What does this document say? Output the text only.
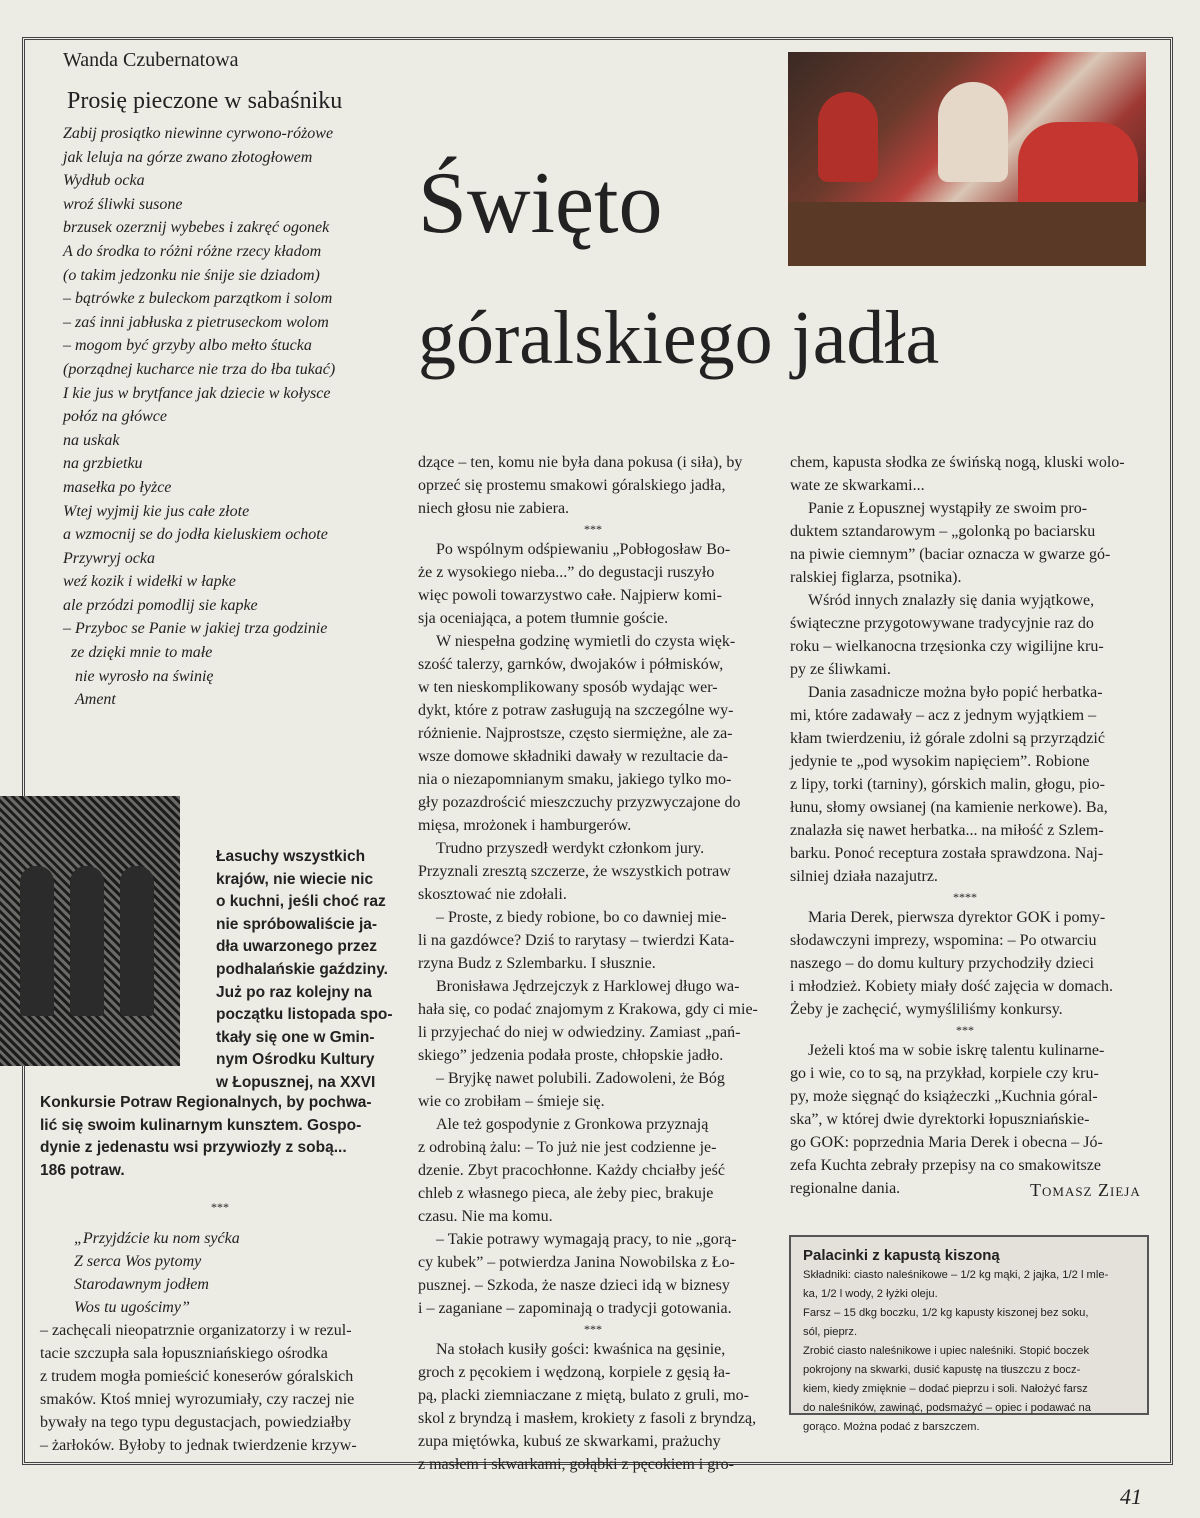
Wanda Czubernatowa
Prosię pieczone w sabaśniku
Zabij prosiątko niewinne cyrwono-różowe
jak leluja na górze zwano złotogłowem
Wydłub ocka
wroź śliwki susone
brzusek ozerznij wybebes i zakręć ogonek
A do środka to różni różne rzecy kładom
(o takim jedzonku nie śnije sie dziadom)
– bątrówke z buleckom parzątkom i solom
– zaś inni jabłuska z pietruseckom wolom
– mogom być grzyby albo mełto śtucka
(porządnej kucharce nie trza do łba tukać)
I kie jus w brytfance jak dziecie w kołysce
połóz na główce
na uskak
na grzbietku
masełka po łyżce
Wtej wyjmij kie jus całe złote
a wzmocnij se do jodła kieluskiem ochote
Przywryj ocka
weź kozik i widełki w łapke
ale przódzi pomodlij sie kapke
– Przyboc se Panie w jakiej trza godzinie
ze dzięki mnie to małe
nie wyrosło na świnię
Ament
Święto
góralskiego jadła
Łasuchy wszystkich
krajów, nie wiecie nic
o kuchni, jeśli choć raz
nie spróbowaliście ja-
dła uwarzonego przez
podhalańskie gaździny.
Już po raz kolejny na
początku listopada spo-
tkały się one w Gmin-
nym Ośrodku Kultury
w Łopusznej, na XXVI
Konkursie Potraw Regionalnych, by pochwa-
lić się swoim kulinarnym kunsztem. Gospo-
dynie z jedenastu wsi przywiozły z sobą...
186 potraw.
***
„Przyjdźcie ku nom syćka
Z serca Wos pytomy
Starodawnym jodłem
Wos tu ugościmy”
– zachęcali nieopatrznie organizatorzy i w rezul-
tacie szczupła sala łopuszniańskiego ośrodka
z trudem mogła pomieścić koneserów góralskich
smaków. Ktoś mniej wyrozumiały, czy raczej nie
bywały na tego typu degustacjach, powiedziałby
– żarłoków. Byłoby to jednak twierdzenie krzyw-
dzące – ten, komu nie była dana pokusa (i siła), by
oprzeć się prostemu smakowi góralskiego jadła,
niech głosu nie zabiera.
***
Po wspólnym odśpiewaniu „Pobłogosław Bo-
że z wysokiego nieba...” do degustacji ruszyło
więc powoli towarzystwo całe. Najpierw komi-
sja oceniająca, a potem tłumnie goście.
W niespełna godzinę wymietli do czysta więk-
szość talerzy, garnków, dwojaków i półmisków,
w ten nieskomplikowany sposób wydając wer-
dykt, które z potraw zasługują na szczególne wy-
różnienie. Najprostsze, często siermiężne, ale za-
wsze domowe składniki dawały w rezultacie da-
nia o niezapomnianym smaku, jakiego tylko mo-
gły pozazdrościć mieszczuchy przyzwyczajone do
mięsa, mrożonek i hamburgerów.
Trudno przyszedł werdykt członkom jury.
Przyznali zresztą szczerze, że wszystkich potraw
skosztować nie zdołali.
– Proste, z biedy robione, bo co dawniej mie-
li na gazdówce? Dziś to rarytasy – twierdzi Kata-
rzyna Budz z Szlembarku. I słusznie.
Bronisława Jędrzejczyk z Harklowej długo wa-
hała się, co podać znajomym z Krakowa, gdy ci mie-
li przyjechać do niej w odwiedziny. Zamiast „pań-
skiego” jedzenia podała proste, chłopskie jadło.
– Bryjkę nawet polubili. Zadowoleni, że Bóg
wie co zrobiłam – śmieje się.
Ale też gospodynie z Gronkowa przyznają
z odrobiną żalu: – To już nie jest codzienne je-
dzenie. Zbyt pracochłonne. Każdy chciałby jeść
chleb z własnego pieca, ale żeby piec, brakuje
czasu. Nie ma komu.
– Takie potrawy wymagają pracy, to nie „gorą-
cy kubek” – potwierdza Janina Nowobilska z Ło-
pusznej. – Szkoda, że nasze dzieci idą w biznesy
i – zaganiane – zapominają o tradycji gotowania.
***
Na stołach kusiły gości: kwaśnica na gęsinie,
groch z pęcokiem i wędzoną, korpiele z gęsią ła-
pą, placki ziemniaczane z miętą, bulato z gruli, mo-
skol z bryndzą i masłem, krokiety z fasoli z bryndzą,
zupa miętówka, kubuś ze skwarkami, prażuchy
z masłem i skwarkami, gołąbki z pęcokiem i gro-
chem, kapusta słodka ze świńską nogą, kluski wolo-
wate ze skwarkami...
Panie z Łopusznej wystąpiły ze swoim pro-
duktem sztandarowym – „golonką po baciarsku
na piwie ciemnym” (baciar oznacza w gwarze gó-
ralskiej figlarza, psotnika).
Wśród innych znalazły się dania wyjątkowe,
świąteczne przygotowywane tradycyjnie raz do
roku – wielkanocna trzęsionka czy wigilijne kru-
py ze śliwkami.
Dania zasadnicze można było popić herbatka-
mi, które zadawały – acz z jednym wyjątkiem –
kłam twierdzeniu, iż górale zdolni są przyrządzić
jedynie te „pod wysokim napięciem”. Robione
z lipy, torki (tarniny), górskich malin, głogu, pio-
łunu, słomy owsianej (na kamienie nerkowe). Ba,
znalazła się nawet herbatka... na miłość z Szlem-
barku. Ponoć receptura została sprawdzona. Naj-
silniej działa nazajutrz.
****
Maria Derek, pierwsza dyrektor GOK i pomy-
słodawczyni imprezy, wspomina: – Po otwarciu
naszego – do domu kultury przychodziły dzieci
i młodzież. Kobiety miały dość zajęcia w domach.
Żeby je zachęcić, wymyśliliśmy konkursy.
***
Jeżeli ktoś ma w sobie iskrę talentu kulinarne-
go i wie, co to są, na przykład, korpiele czy kru-
py, może sięgnąć do książeczki „Kuchnia góral-
ska”, w której dwie dyrektorki łopuszniańskie-
go GOK: poprzednia Maria Derek i obecna – Jó-
zefa Kuchta zebrały przepisy na co smakowitsze
regionalne dania.	Tomasz Zieja
Palacinki z kapustą kiszoną
Składniki: ciasto naleśnikowe – 1/2 kg mąki, 2 jajka, 1/2 l mle-
ka, 1/2 l wody, 2 łyżki oleju.
Farsz – 15 dkg boczku, 1/2 kg kapusty kiszonej bez soku,
sól, pieprz.
Zrobić ciasto naleśnikowe i upiec naleśniki. Stopić boczek
pokrojony na skwarki, dusić kapustę na tłuszczu z bocz-
kiem, kiedy zmięknie – dodać pieprzu i soli. Nałożyć farsz
do naleśników, zawinąć, podsmażyć – opiec i podawać na
gorąco. Można podać z barszczem.
41
